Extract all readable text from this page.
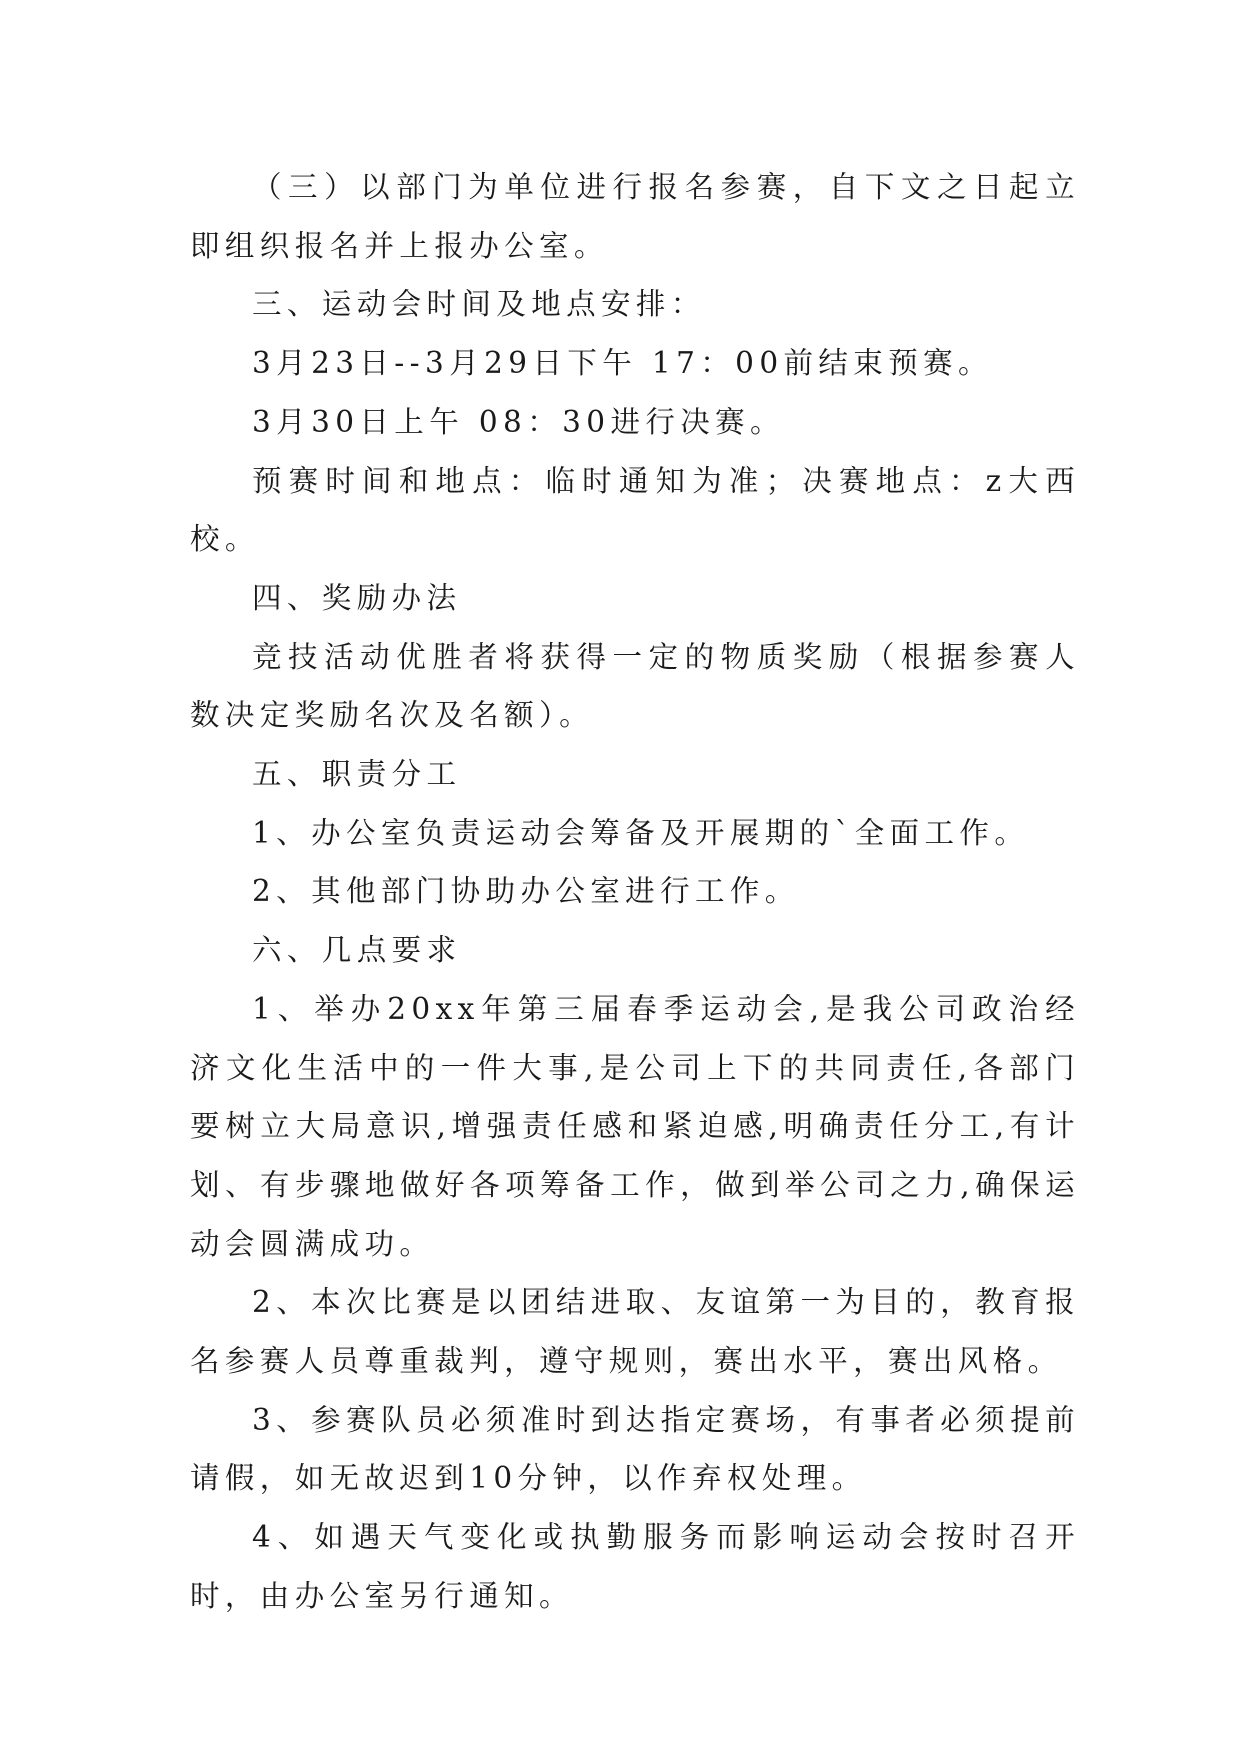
（三）以部门为单位进行报名参赛，自下文之日起立即组织报名并上报办公室。

三、运动会时间及地点安排：

3月23日--3月29日下午 17：00前结束预赛。

3月30日上午 08：30进行决赛。

预赛时间和地点：临时通知为准；决赛地点：z大西校。

四、奖励办法

竞技活动优胜者将获得一定的物质奖励（根据参赛人数决定奖励名次及名额）。

五、职责分工

1、办公室负责运动会筹备及开展期的`全面工作。

2、其他部门协助办公室进行工作。

六、几点要求

1、举办20xx年第三届春季运动会,是我公司政治经济文化生活中的一件大事,是公司上下的共同责任,各部门要树立大局意识,增强责任感和紧迫感,明确责任分工,有计划、有步骤地做好各项筹备工作，做到举公司之力,确保运动会圆满成功。

2、本次比赛是以团结进取、友谊第一为目的，教育报名参赛人员尊重裁判，遵守规则，赛出水平，赛出风格。

3、参赛队员必须准时到达指定赛场，有事者必须提前请假，如无故迟到10分钟，以作弃权处理。

4、如遇天气变化或执勤服务而影响运动会按时召开时，由办公室另行通知。
